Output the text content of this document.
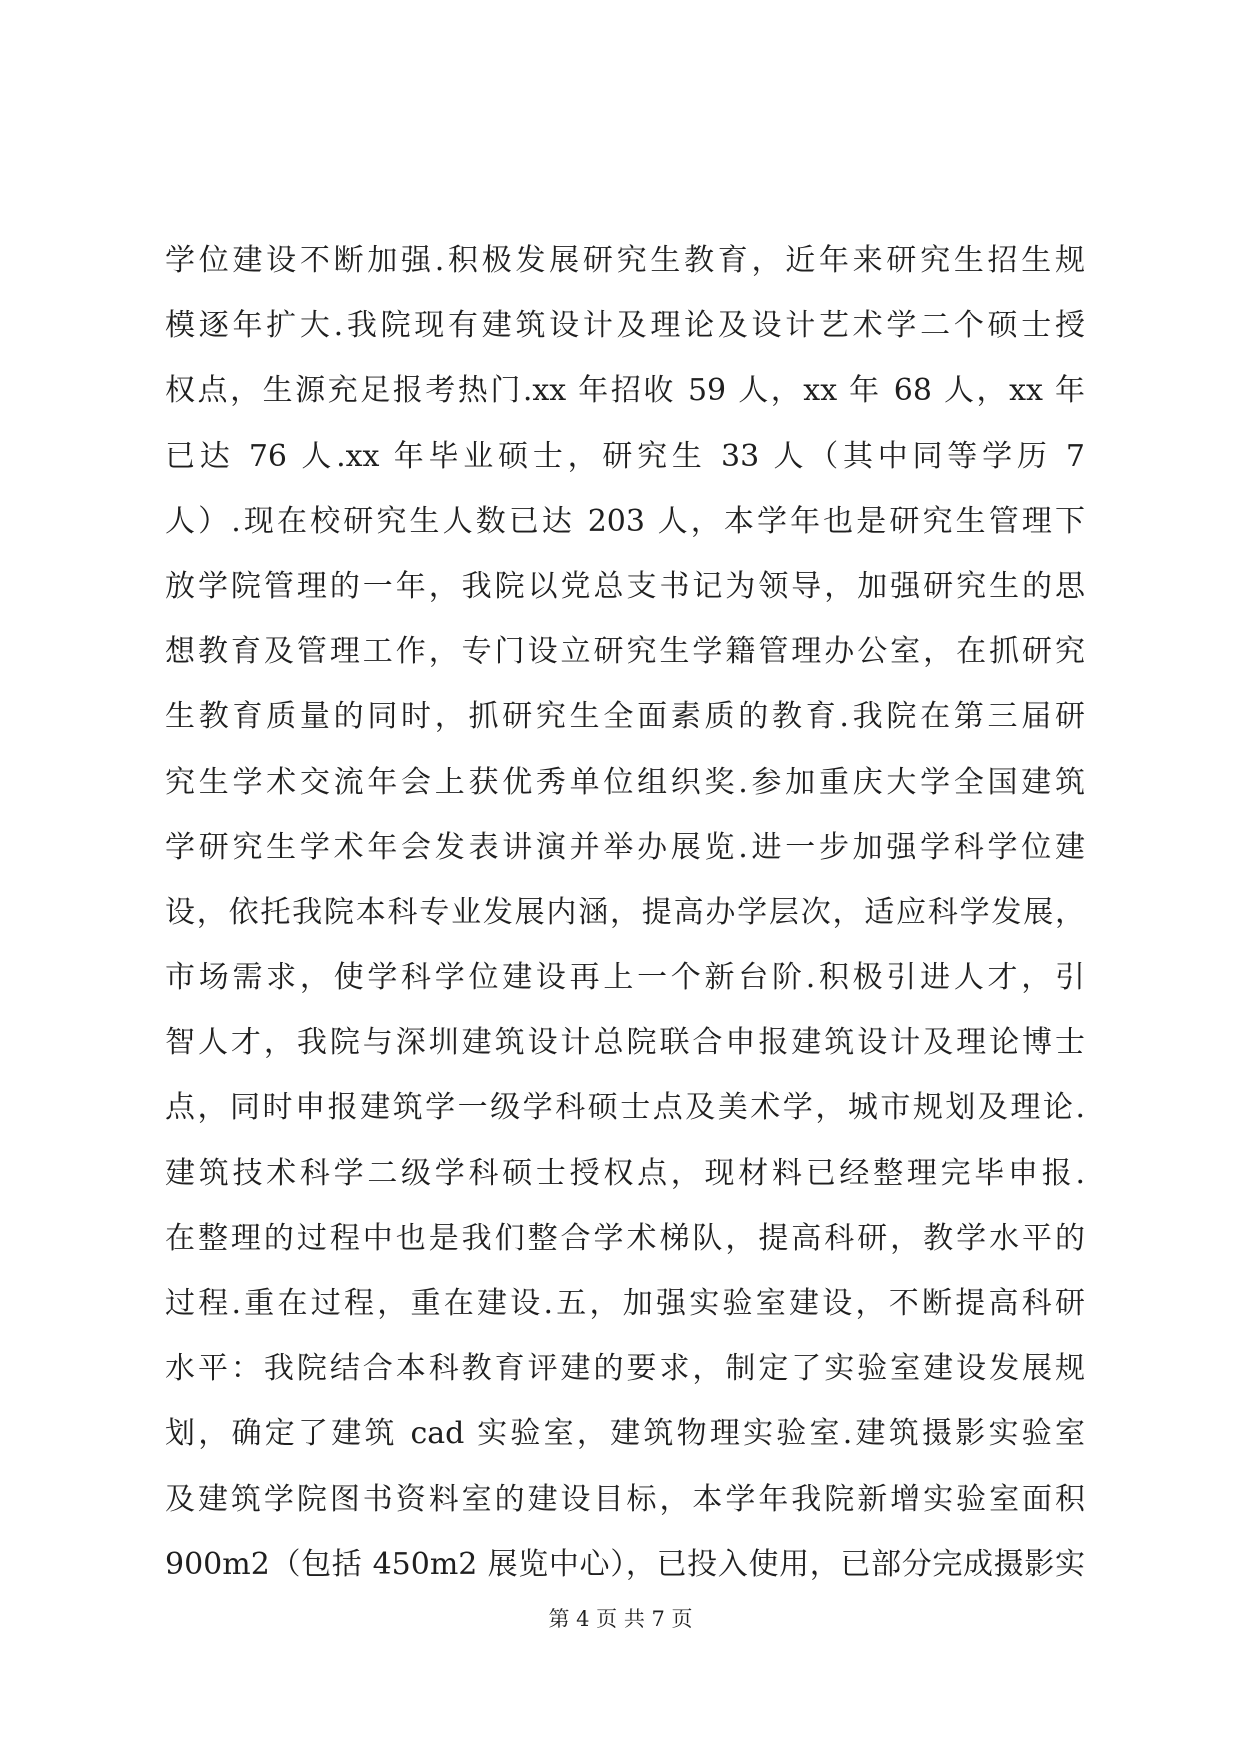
学位建设不断加强.积极发展研究生教育，近年来研究生招生规
模逐年扩大.我院现有建筑设计及理论及设计艺术学二个硕士授
权点，生源充足报考热门.xx 年招收 59 人，xx 年 68 人，xx 年
已达 76 人.xx 年毕业硕士，研究生 33 人（其中同等学历 7
人）.现在校研究生人数已达 203 人，本学年也是研究生管理下
放学院管理的一年，我院以党总支书记为领导，加强研究生的思
想教育及管理工作，专门设立研究生学籍管理办公室，在抓研究
生教育质量的同时，抓研究生全面素质的教育.我院在第三届研
究生学术交流年会上获优秀单位组织奖.参加重庆大学全国建筑
学研究生学术年会发表讲演并举办展览.进一步加强学科学位建
设，依托我院本科专业发展内涵，提高办学层次，适应科学发展，
市场需求，使学科学位建设再上一个新台阶.积极引进人才，引
智人才，我院与深圳建筑设计总院联合申报建筑设计及理论博士
点，同时申报建筑学一级学科硕士点及美术学，城市规划及理论.
建筑技术科学二级学科硕士授权点，现材料已经整理完毕申报.
在整理的过程中也是我们整合学术梯队，提高科研，教学水平的
过程.重在过程，重在建设.五，加强实验室建设，不断提高科研
水平：我院结合本科教育评建的要求，制定了实验室建设发展规
划，确定了建筑 cad 实验室，建筑物理实验室.建筑摄影实验室
及建筑学院图书资料室的建设目标，本学年我院新增实验室面积
900m2（包括 450m2 展览中心），已投入使用，已部分完成摄影实
第 4 页 共 7 页
